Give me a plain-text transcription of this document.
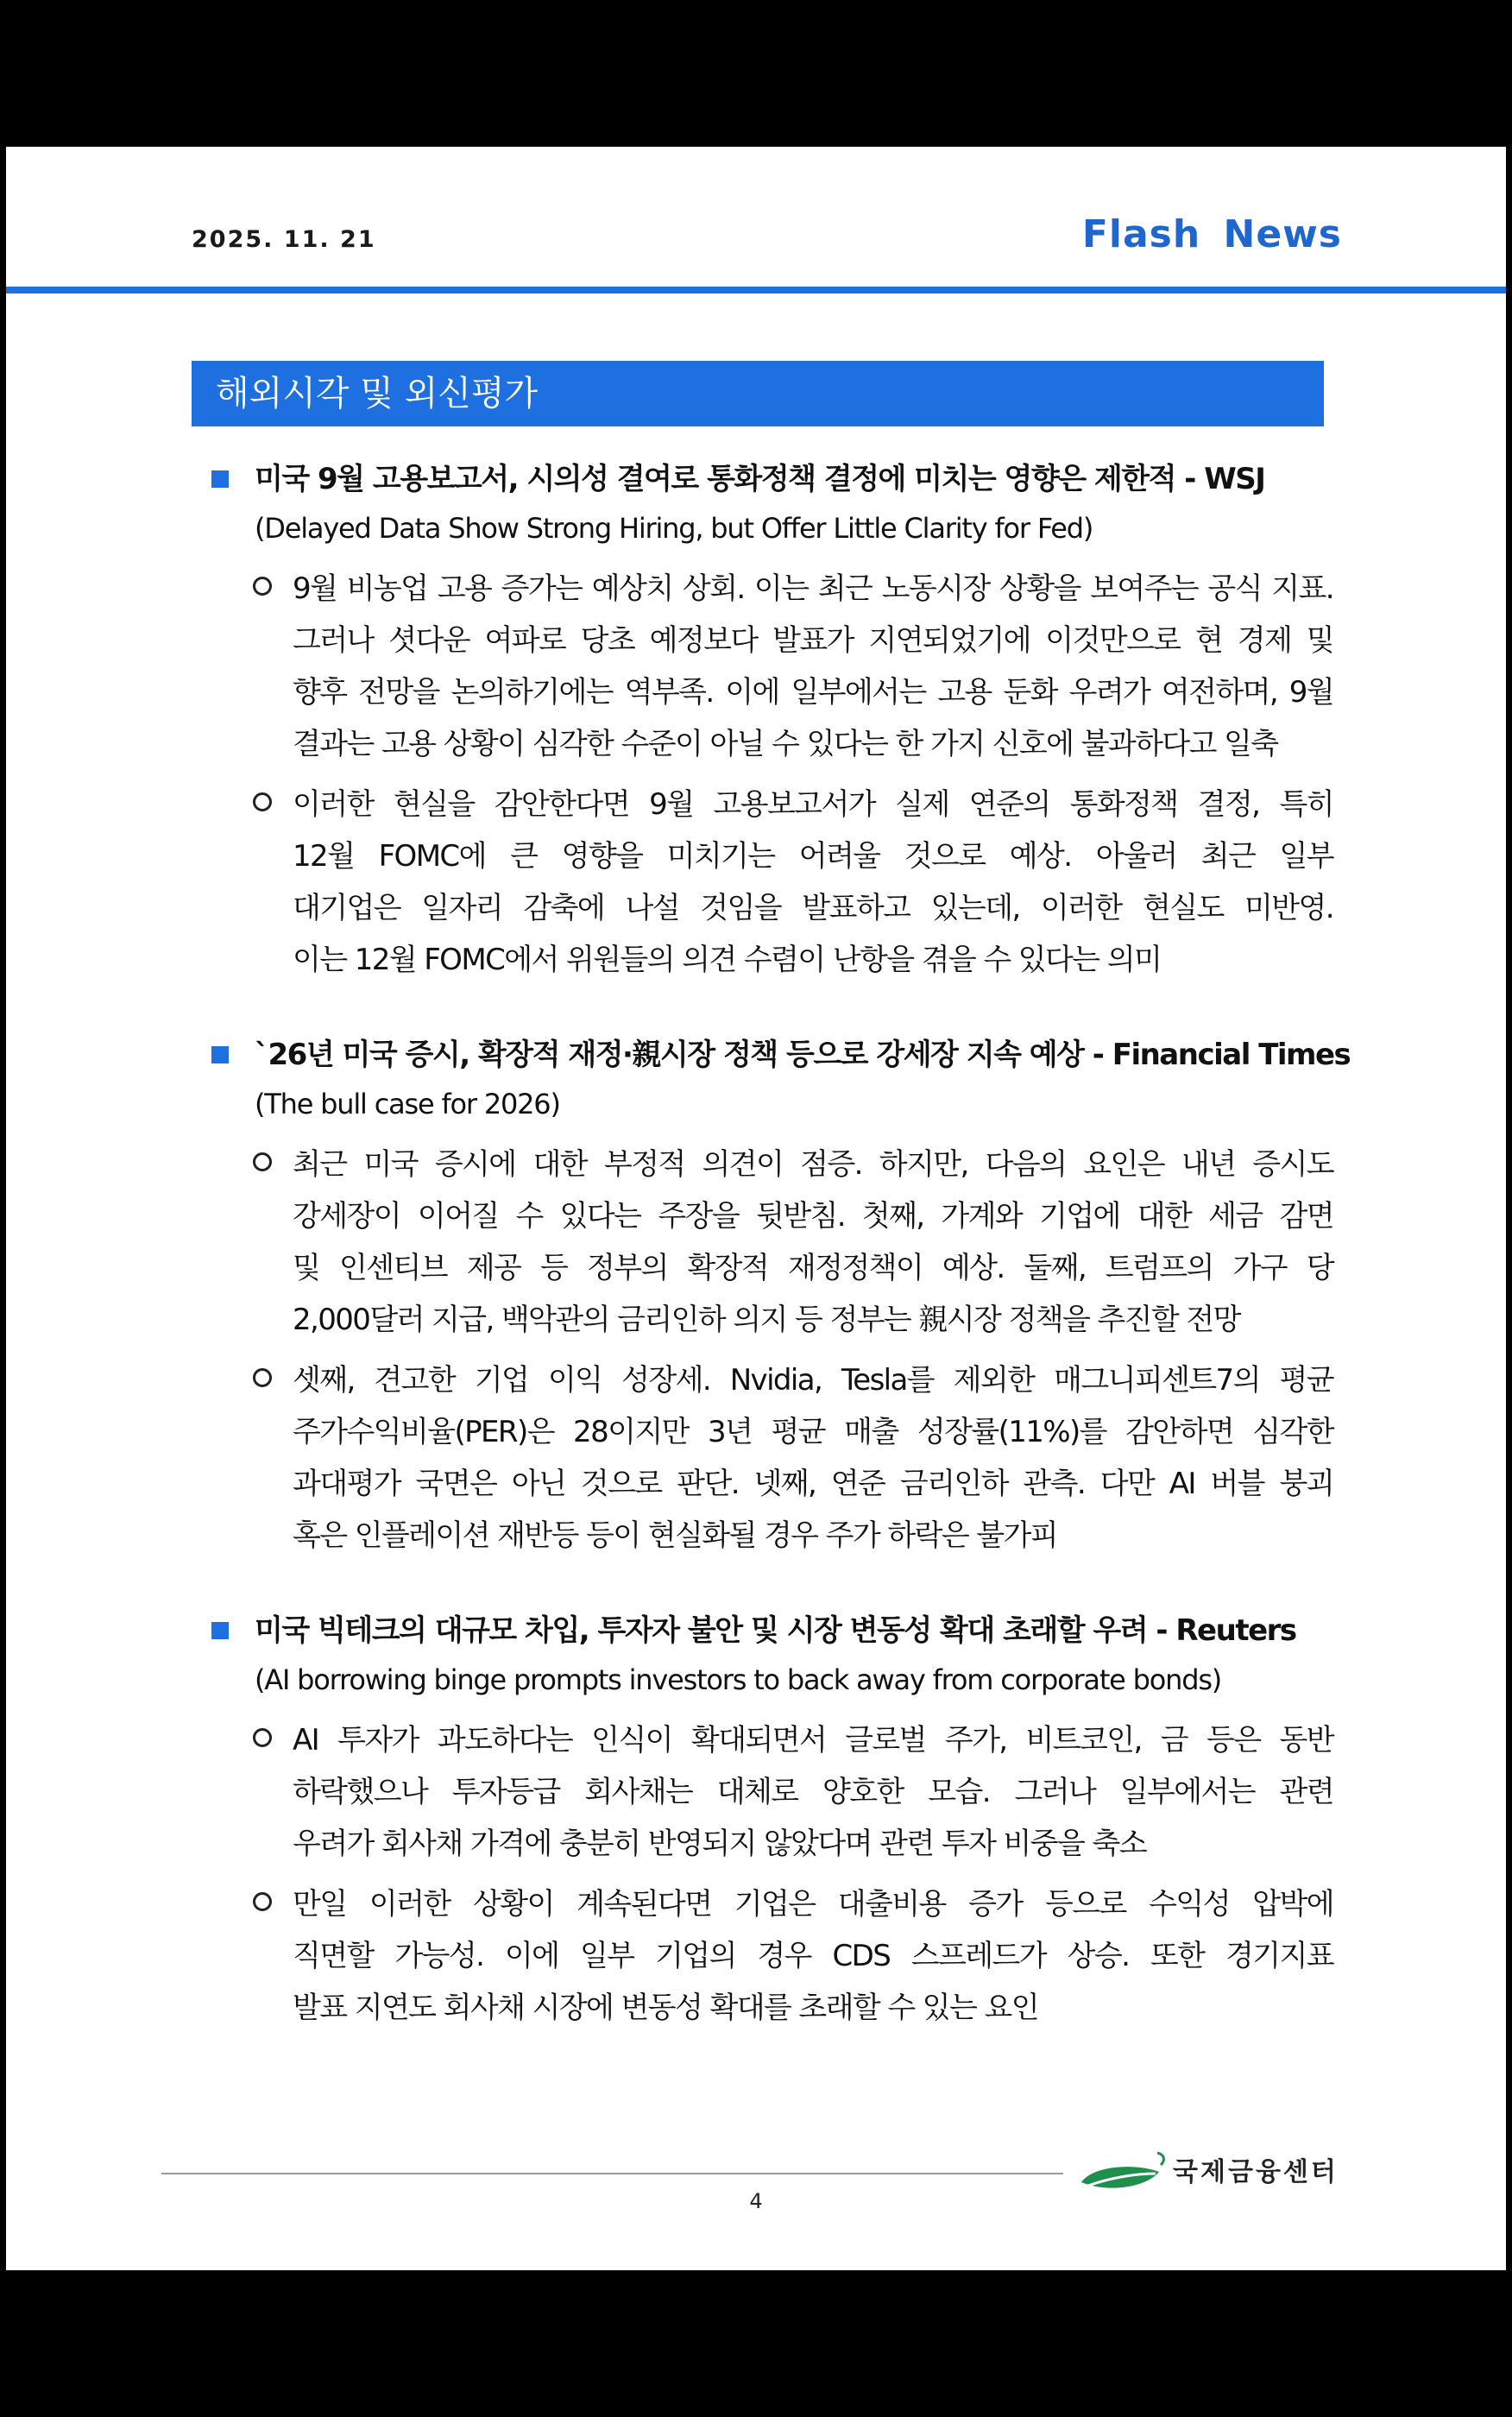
2025. 11. 21	Flash News
해외시각 및 외신평가
미국 9월 고용보고서, 시의성 결여로 통화정책 결정에 미치는 영향은 제한적 - WSJ
(Delayed Data Show Strong Hiring, but Offer Little Clarity for Fed)
9월 비농업 고용 증가는 예상치 상회. 이는 최근 노동시장 상황을 보여주는 공식 지표.
그러나 셧다운 여파로 당초 예정보다 발표가 지연되었기에 이것만으로 현 경제 및
향후 전망을 논의하기에는 역부족. 이에 일부에서는 고용 둔화 우려가 여전하며, 9월
결과는 고용 상황이 심각한 수준이 아닐 수 있다는 한 가지 신호에 불과하다고 일축
이러한 현실을 감안한다면 9월 고용보고서가 실제 연준의 통화정책 결정, 특히
12월 FOMC에 큰 영향을 미치기는 어려울 것으로 예상. 아울러 최근 일부
대기업은 일자리 감축에 나설 것임을 발표하고 있는데, 이러한 현실도 미반영.
이는 12월 FOMC에서 위원들의 의견 수렴이 난항을 겪을 수 있다는 의미
`26년 미국 증시, 확장적 재정·親시장 정책 등으로 강세장 지속 예상 - Financial Times
(The bull case for 2026)
최근 미국 증시에 대한 부정적 의견이 점증. 하지만, 다음의 요인은 내년 증시도
강세장이 이어질 수 있다는 주장을 뒷받침. 첫째, 가계와 기업에 대한 세금 감면
및 인센티브 제공 등 정부의 확장적 재정정책이 예상. 둘째, 트럼프의 가구 당
2,000달러 지급, 백악관의 금리인하 의지 등 정부는 親시장 정책을 추진할 전망
셋째, 견고한 기업 이익 성장세. Nvidia, Tesla를 제외한 매그니피센트7의 평균
주가수익비율(PER)은 28이지만 3년 평균 매출 성장률(11%)를 감안하면 심각한
과대평가 국면은 아닌 것으로 판단. 넷째, 연준 금리인하 관측. 다만 AI 버블 붕괴
혹은 인플레이션 재반등 등이 현실화될 경우 주가 하락은 불가피
미국 빅테크의 대규모 차입, 투자자 불안 및 시장 변동성 확대 초래할 우려 - Reuters
(AI borrowing binge prompts investors to back away from corporate bonds)
AI 투자가 과도하다는 인식이 확대되면서 글로벌 주가, 비트코인, 금 등은 동반
하락했으나 투자등급 회사채는 대체로 양호한 모습. 그러나 일부에서는 관련
우려가 회사채 가격에 충분히 반영되지 않았다며 관련 투자 비중을 축소
만일 이러한 상황이 계속된다면 기업은 대출비용 증가 등으로 수익성 압박에
직면할 가능성. 이에 일부 기업의 경우 CDS 스프레드가 상승. 또한 경기지표
발표 지연도 회사채 시장에 변동성 확대를 초래할 수 있는 요인
국제금융센터
4
